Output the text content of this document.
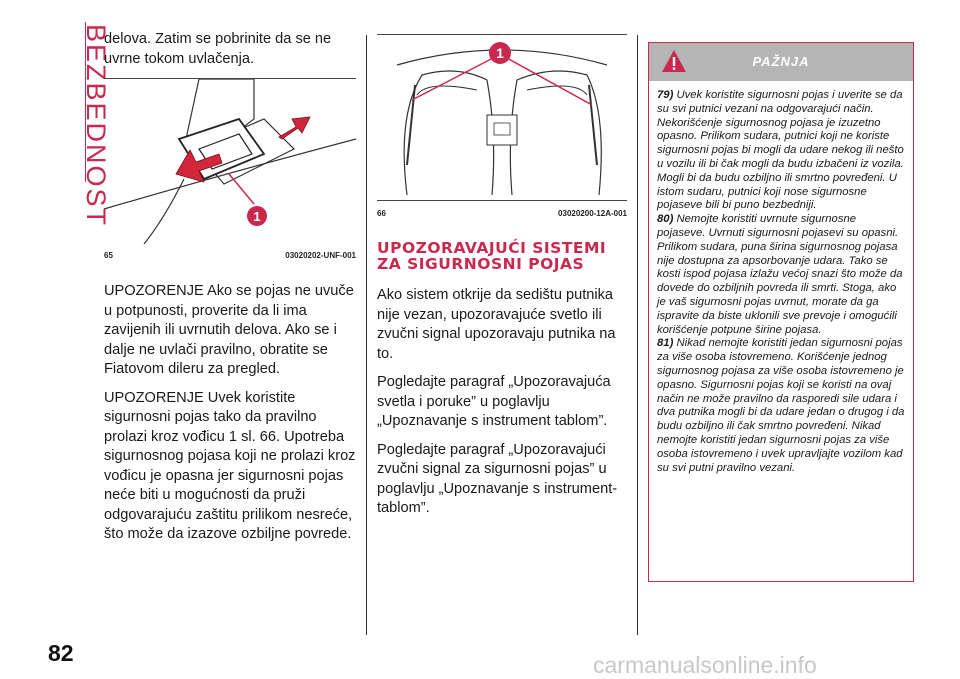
BEZBEDNOST
82

delova. Zatim se pobrinite da se ne uvrne tokom uvlačenja.

1
65	03020202-UNF-001

UPOZORENJE Ako se pojas ne uvuče u potpunosti, proverite da li ima zavijenih ili uvrnutih delova. Ako se i dalje ne uvlači pravilno, obratite se Fiatovom dileru za pregled.

UPOZORENJE Uvek koristite sigurnosni pojas tako da pravilno prolazi kroz vođicu 1 sl. 66. Upotreba sigurnosnog pojasa koji ne prolazi kroz vođicu je opasna jer sigurnosni pojas neće biti u mogućnosti da pruži odgovarajuću zaštitu prilikom nesreće, što može da izazove ozbiljne povrede.

1
66	03020200-12A-001
UPOZORAVAJUĆI SISTEMI ZA SIGURNOSNI POJAS

Ako sistem otkrije da sedištu putnika nije vezan, upozoravajuće svetlo ili zvučni signal upozoravaju putnika na to.

Pogledajte paragraf „Upozoravajuća svetla i poruke” u poglavlju „Upoznavanje s instrument tablom”.

Pogledajte paragraf „Upozoravajući zvučni signal za sigurnosni pojas” u poglavlju „Upoznavanje s instrument-tablom”.

PAŽNJA

79) Uvek koristite sigurnosni pojas i uverite se da su svi putnici vezani na odgovarajući način. Nekorišćenje sigurnosnog pojasa je izuzetno opasno. Prilikom sudara, putnici koji ne koriste sigurnosni pojas bi mogli da udare nekog ili nešto u vozilu ili bi čak mogli da budu izbačeni iz vozila. Mogli bi da budu ozbiljno ili smrtno povređeni. U istom sudaru, putnici koji nose sigurnosne pojaseve bili bi puno bezbedniji.

80) Nemojte koristiti uvrnute sigurnosne pojaseve. Uvrnuti sigurnosni pojasevi su opasni. Prilikom sudara, puna širina sigurnosnog pojasa nije dostupna za apsorbovanje udara. Tako se kosti ispod pojasa izlažu većoj snazi što može da dovede do ozbiljnih povreda ili smrti. Stoga, ako je vaš sigurnosni pojas uvrnut, morate da ga ispravite da biste uklonili sve prevoje i omogućili korišćenje potpune širine pojasa.

81) Nikad nemojte koristiti jedan sigurnosni pojas za više osoba istovremeno. Korišćenje jednog sigurnosnog pojasa za više osoba istovremeno je opasno. Sigurnosni pojas koji se koristi na ovaj način ne može pravilno da rasporedi sile udara i dva putnika mogli bi da udare jedan o drugog i da budu ozbiljno ili čak smrtno povređeni. Nikad nemojte koristiti jedan sigurnosni pojas za više osoba istovremeno i uvek upravljajte vozilom kad su svi putni pravilno vezani.

carmanualsonline.info
